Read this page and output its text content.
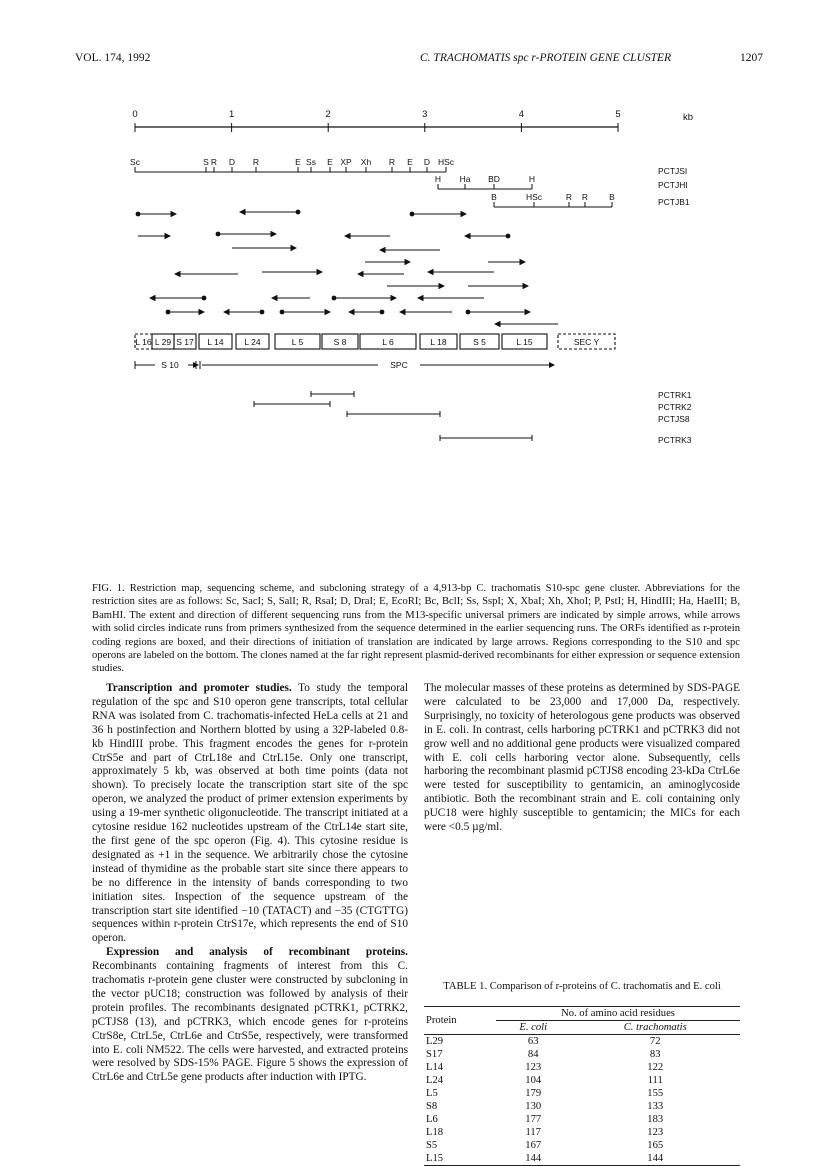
VOL. 174, 1992	C. TRACHOMATIS spc r-PROTEIN GENE CLUSTER	1207
0	1	2	3	4	5	kb
Sc	S R D R	E Ss E XP Xh R E D HSc
PCTJSI
H Ha BD	H
PCTJHI
B	HSc	R R B	PCTJB1
L 16 L 29 S 17 L 14 L 24	L 5	S 8	L 6	L 18	S 5	L 15	SEC Y
S 10	SPC
PCTRK1
PCTRK2
PCTJS8
PCTRK3
FIG. 1. Restriction map, sequencing scheme, and subcloning strategy of a 4,913-bp C. trachomatis S10-spc gene cluster. Abbreviations for the restriction sites are as follows: Sc, SacI; S, SalI; R, RsaI; D, DraI; E, EcoRI; Bc, BclI; Ss, SspI; X, XbaI; Xh, XhoI; P, PstI; H, HindIII; Ha, HaeIII; B, BamHI. The extent and direction of different sequencing runs from the M13-specific universal primers are indicated by simple arrows, while arrows with solid circles indicate runs from primers synthesized from the sequence determined in the earlier sequencing runs. The ORFs identified as r-protein coding regions are boxed, and their directions of initiation of translation are indicated by large arrows. Regions corresponding to the S10 and spc operons are labeled on the bottom. The clones named at the far right represent plasmid-derived recombinants for either expression or sequence extension studies.

Transcription and promoter studies. To study the temporal regulation of the spc and S10 operon gene transcripts, total cellular RNA was isolated from C. trachomatis-infected HeLa cells at 21 and 36 h postinfection and Northern blotted by using a 32P-labeled 0.8-kb HindIII probe. This fragment encodes the genes for r-protein CtrS5e and part of CtrL18e and CtrL15e. Only one transcript, approximately 5 kb, was observed at both time points (data not shown). To precisely locate the transcription start site of the spc operon, we analyzed the product of primer extension experiments by using a 19-mer synthetic oligonucleotide. The transcript initiated at a cytosine residue 162 nucleotides upstream of the CtrL14e start site, the first gene of the spc operon (Fig. 4). This cytosine residue is designated as +1 in the sequence. We arbitrarily chose the cytosine instead of thymidine as the probable start site since there appears to be no difference in the intensity of bands corresponding to two initiation sites. Inspection of the sequence upstream of the transcription start site identified −10 (TATACT) and −35 (CTGTTG) sequences within r-protein CtrS17e, which represents the end of S10 operon.

Expression and analysis of recombinant proteins. Recombinants containing fragments of interest from this C. trachomatis r-protein gene cluster were constructed by subcloning in the vector pUC18; construction was followed by analysis of their protein profiles. The recombinants designated pCTRK1, pCTRK2, pCTJS8 (13), and pCTRK3, which encode genes for r-proteins CtrS8e, CtrL5e, CtrL6e and CtrS5e, respectively, were transformed into E. coli NM522. The cells were harvested, and extracted proteins were resolved by SDS-15% PAGE. Figure 5 shows the expression of CtrL6e and CtrL5e gene products after induction with IPTG.

The molecular masses of these proteins as determined by SDS-PAGE were calculated to be 23,000 and 17,000 Da, respectively. Surprisingly, no toxicity of heterologous gene products was observed in E. coli. In contrast, cells harboring pCTRK1 and pCTRK3 did not grow well and no additional gene products were visualized compared with E. coli cells harboring vector alone. Subsequently, cells harboring the recombinant plasmid pCTJS8 encoding 23-kDa CtrL6e were tested for susceptibility to gentamicin, an aminoglycoside antibiotic. Both the recombinant strain and E. coli containing only pUC18 were highly susceptible to gentamicin; the MICs for each were <0.5 µg/ml.

TABLE 1. Comparison of r-proteins of C. trachomatis and E. coli
Protein	No. of amino acid residues	
	E. coli	C. trachomatis
L29	63	72
S17	84	83
L14	123	122
L24	104	111
L5	179	155
S8	130	133
L6	177	183
L18	117	123
S5	167	165
L15	144	144
